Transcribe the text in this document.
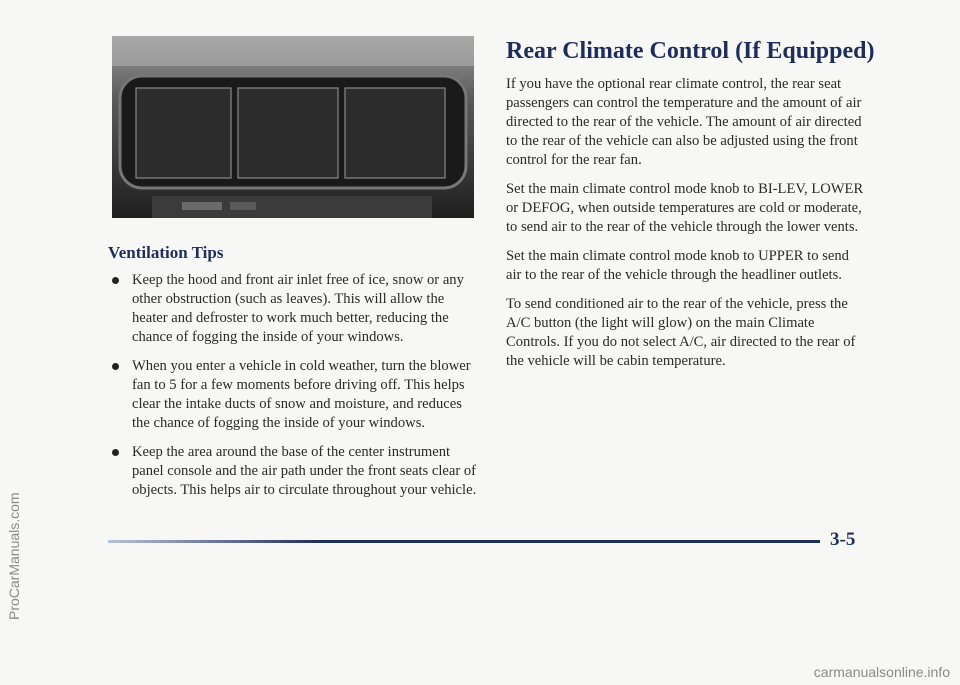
Ventilation Tips
Keep the hood and front air inlet free of ice, snow or any other obstruction (such as leaves). This will allow the heater and defroster to work much better, reducing the chance of fogging the inside of your windows.
When you enter a vehicle in cold weather, turn the blower fan to 5 for a few moments before driving off. This helps clear the intake ducts of snow and moisture, and reduces the chance of fogging the inside of your windows.
Keep the area around the base of the center instrument panel console and the air path under the front seats clear of objects. This helps air to circulate throughout your vehicle.
Rear Climate Control (If Equipped)

If you have the optional rear climate control, the rear seat passengers can control the temperature and the amount of air directed to the rear of the vehicle. The amount of air directed to the rear of the vehicle can also be adjusted using the front control for the rear fan.

Set the main climate control mode knob to BI-LEV, LOWER or DEFOG, when outside temperatures are cold or moderate, to send air to the rear of the vehicle through the lower vents.

Set the main climate control mode knob to UPPER to send air to the rear of the vehicle through the headliner outlets.

To send conditioned air to the rear of the vehicle, press the A/C button (the light will glow) on the main Climate Controls. If you do not select A/C, air directed to the rear of the vehicle will be cabin temperature.

3-5
ProCarManuals.com
carmanualsonline.info
